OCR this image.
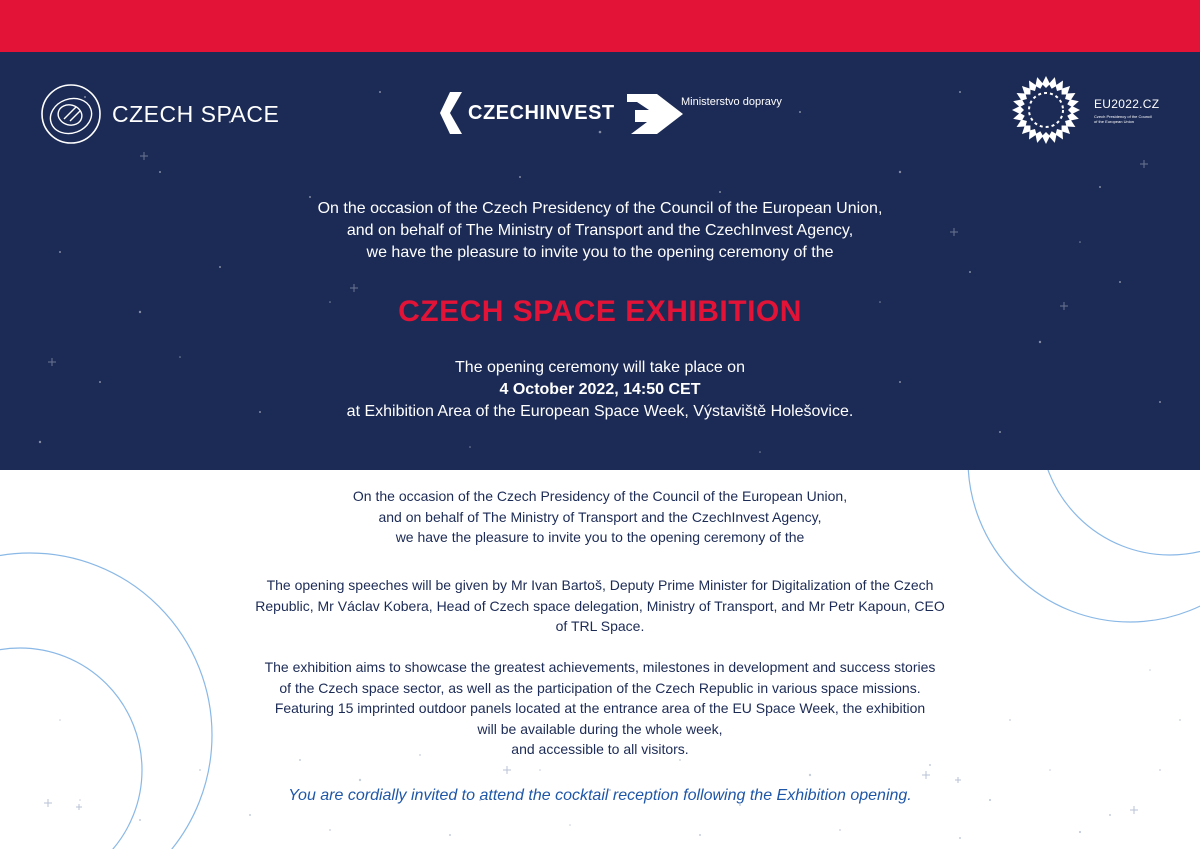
CZECH SPACE	CZECHINVEST	Ministerstvo dopravy	EU2022.CZ
Czech Presidency of the Council of the European Union

On the occasion of the Czech Presidency of the Council of the European Union,

and on behalf of The Ministry of Transport and the CzechInvest Agency,

we have the pleasure to invite you to the opening ceremony of the

CZECH SPACE EXHIBITION

The opening ceremony will take place on

4 October 2022, 14:50 CET

at Exhibition Area of the European Space Week, Výstaviště Holešovice.

On the occasion of the Czech Presidency of the Council of the European Union,

and on behalf of The Ministry of Transport and the CzechInvest Agency,

we have the pleasure to invite you to the opening ceremony of the

The opening speeches will be given by Mr Ivan Bartoš, Deputy Prime Minister for Digitalization of the Czech

Republic, Mr Václav Kobera, Head of Czech space delegation, Ministry of Transport, and Mr Petr Kapoun, CEO

of TRL Space.

The exhibition aims to showcase the greatest achievements, milestones in development and success stories

of the Czech space sector, as well as the participation of the Czech Republic in various space missions.

Featuring 15 imprinted outdoor panels located at the entrance area of the EU Space Week, the exhibition

will be available during the whole week,

and accessible to all visitors.

You are cordially invited to attend the cocktail reception following the Exhibition opening.
